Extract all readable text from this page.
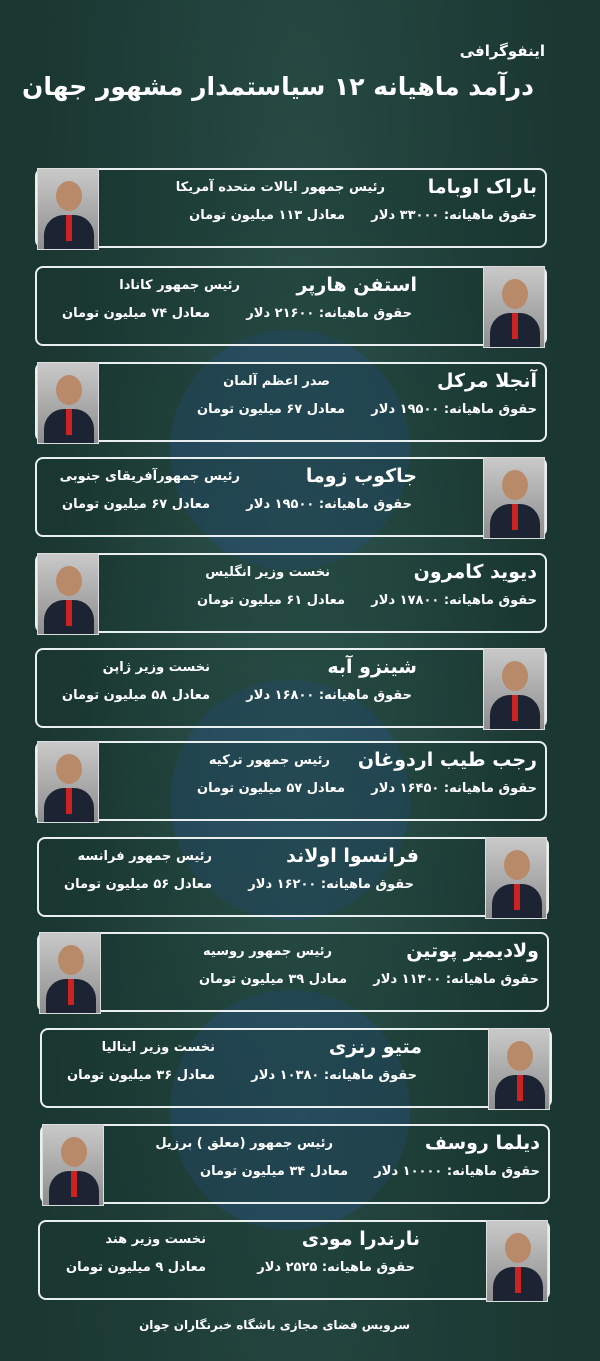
اینفوگرافی
درآمد ماهیانه ۱۲ سیاستمدار مشهور جهان
باراک اوباما
رئیس جمهور ایالات متحده آمریکا
حقوق ماهیانه: ۳۳۰۰۰ دلار
معادل ۱۱۳ میلیون تومان
استفن هارپر
رئیس جمهور کانادا
حقوق ماهیانه: ۲۱۶۰۰ دلار
معادل ۷۴ میلیون تومان
آنجلا مرکل
صدر اعظم آلمان
حقوق ماهیانه: ۱۹۵۰۰ دلار
معادل ۶۷ میلیون تومان
جاکوب زوما
رئیس جمهورآفریقای جنوبی
حقوق ماهیانه: ۱۹۵۰۰ دلار
معادل ۶۷ میلیون تومان
دیوید کامرون
نخست وزیر انگلیس
حقوق ماهیانه: ۱۷۸۰۰ دلار
معادل ۶۱ میلیون تومان
شینزو آبه
نخست وزیر ژاپن
حقوق ماهیانه: ۱۶۸۰۰ دلار
معادل ۵۸ میلیون تومان
رجب طیب اردوغان
رئیس جمهور ترکیه
حقوق ماهیانه: ۱۶۴۵۰ دلار
معادل ۵۷ میلیون تومان
فرانسوا اولاند
رئیس جمهور فرانسه
حقوق ماهیانه: ۱۶۲۰۰ دلار
معادل ۵۶ میلیون تومان
ولادیمیر پوتین
رئیس جمهور روسیه
حقوق ماهیانه: ۱۱۳۰۰ دلار
معادل ۳۹ میلیون تومان
متیو رنزی
نخست وزیر ایتالیا
حقوق ماهیانه: ۱۰۳۸۰ دلار
معادل ۳۶ میلیون تومان
دیلما روسف
رئیس جمهور (معلق ) برزیل
حقوق ماهیانه: ۱۰۰۰۰ دلار
معادل ۳۴ میلیون تومان
نارندرا مودی
نخست وزیر هند
حقوق ماهیانه: ۲۵۲۵ دلار
معادل ۹ میلیون تومان
سرویس فضای مجازی باشگاه خبرنگاران جوان
